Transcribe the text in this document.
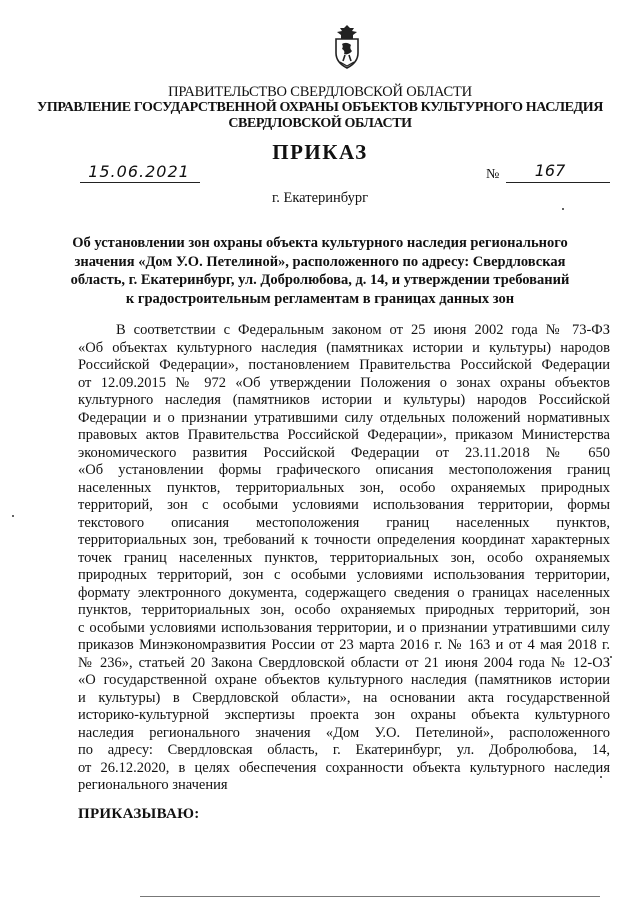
ПРАВИТЕЛЬСТВО СВЕРДЛОВСКОЙ ОБЛАСТИ
УПРАВЛЕНИЕ ГОСУДАРСТВЕННОЙ ОХРАНЫ ОБЪЕКТОВ КУЛЬТУРНОГО НАСЛЕДИЯ
СВЕРДЛОВСКОЙ ОБЛАСТИ
ПРИКАЗ
15.06.2021	№	167
г. Екатеринбург
Об установлении зон охраны объекта культурного наследия регионального
значения «Дом У.О. Петелиной», расположенного по адресу: Свердловская
область, г. Екатеринбург, ул. Добролюбова, д. 14, и утверждении требований
к градостроительным регламентам в границах данных зон
В соответствии с Федеральным законом от 25 июня 2002 года № 73-ФЗ
«Об объектах культурного наследия (памятниках истории и культуры) народов
Российской Федерации», постановлением Правительства Российской Федерации
от 12.09.2015 № 972 «Об утверждении Положения о зонах охраны объектов
культурного наследия (памятников истории и культуры) народов Российской
Федерации и о признании утратившими силу отдельных положений нормативных
правовых актов Правительства Российской Федерации», приказом Министерства
экономического развития Российской Федерации от 23.11.2018 № 650
«Об установлении формы графического описания местоположения границ
населенных пунктов, территориальных зон, особо охраняемых природных
территорий, зон с особыми условиями использования территории, формы
текстового описания местоположения границ населенных пунктов,
территориальных зон, требований к точности определения координат характерных
точек границ населенных пунктов, территориальных зон, особо охраняемых
природных территорий, зон с особыми условиями использования территории,
формату электронного документа, содержащего сведения о границах населенных
пунктов, территориальных зон, особо охраняемых природных территорий, зон
с особыми условиями использования территории, и о признании утратившими силу
приказов Минэкономразвития России от 23 марта 2016 г. № 163 и от 4 мая 2018 г.
№ 236», статьей 20 Закона Свердловской области от 21 июня 2004 года № 12-ОЗ
«О государственной охране объектов культурного наследия (памятников истории
и культуры) в Свердловской области», на основании акта государственной
историко-культурной экспертизы проекта зон охраны объекта культурного
наследия регионального значения «Дом У.О. Петелиной», расположенного
по адресу: Свердловская область, г. Екатеринбург, ул. Добролюбова, 14,
от 26.12.2020, в целях обеспечения сохранности объекта культурного наследия
регионального значения
ПРИКАЗЫВАЮ:
